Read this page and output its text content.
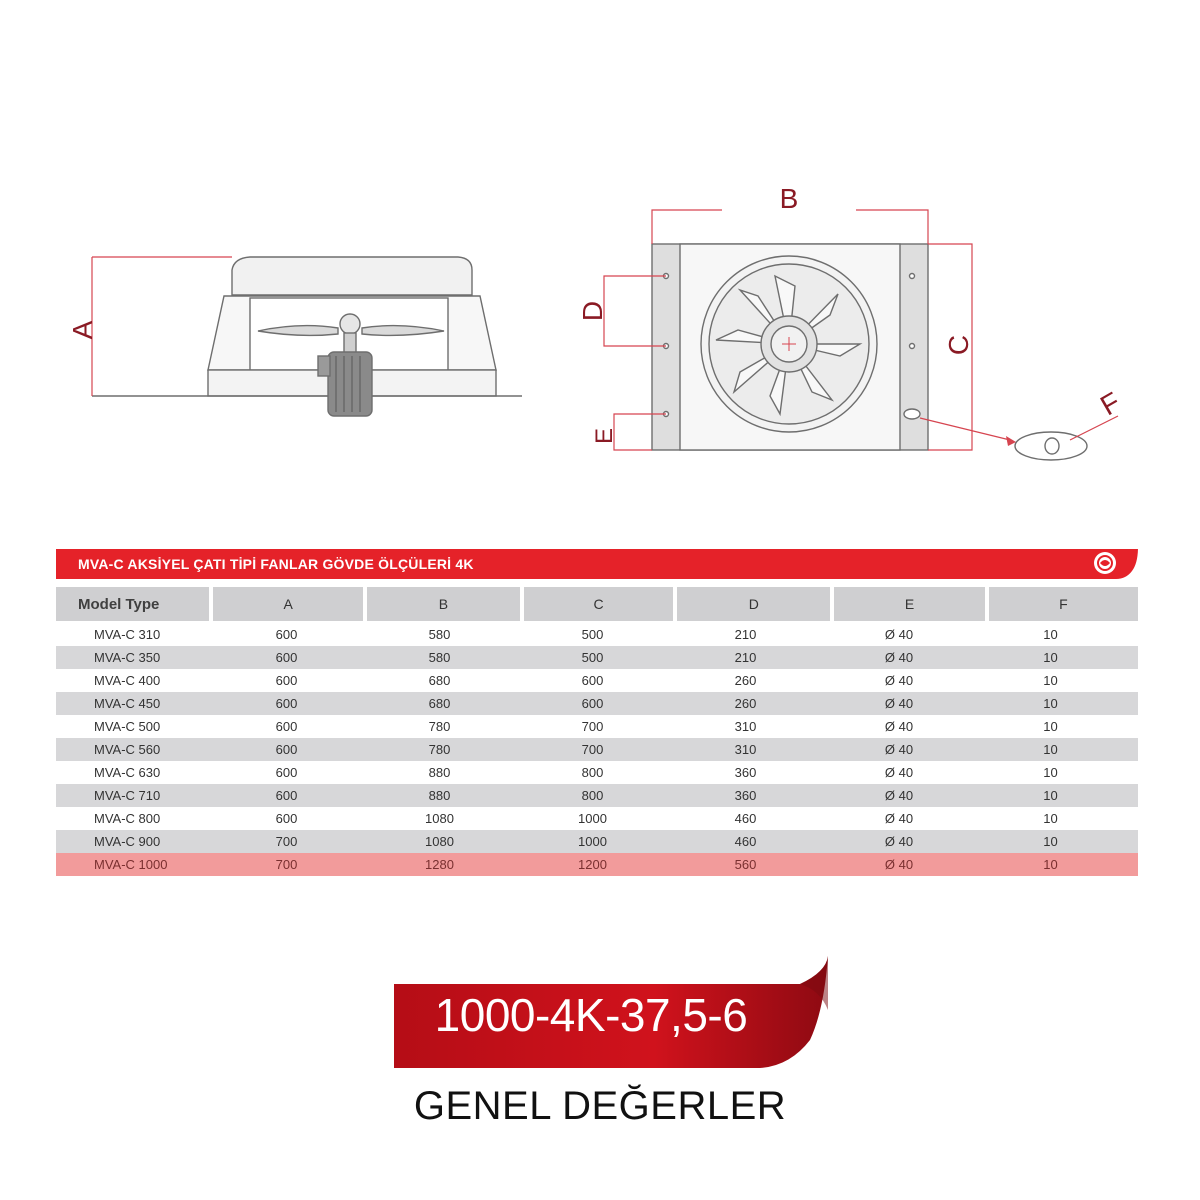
A
B
C
D
E
F
MVA-C AKSİYEL ÇATI TİPİ FANLAR GÖVDE ÖLÇÜLERİ 4K
Model Type	A	B	C	D	E	F
MVA-C 310	600	580	500	210	Ø 40	10
MVA-C 350	600	580	500	210	Ø 40	10
MVA-C 400	600	680	600	260	Ø 40	10
MVA-C 450	600	680	600	260	Ø 40	10
MVA-C 500	600	780	700	310	Ø 40	10
MVA-C 560	600	780	700	310	Ø 40	10
MVA-C 630	600	880	800	360	Ø 40	10
MVA-C 710	600	880	800	360	Ø 40	10
MVA-C 800	600	1080	1000	460	Ø 40	10
MVA-C 900	700	1080	1000	460	Ø 40	10
MVA-C 1000	700	1280	1200	560	Ø 40	10
1000-4K-37,5-6
GENEL DEĞERLER
